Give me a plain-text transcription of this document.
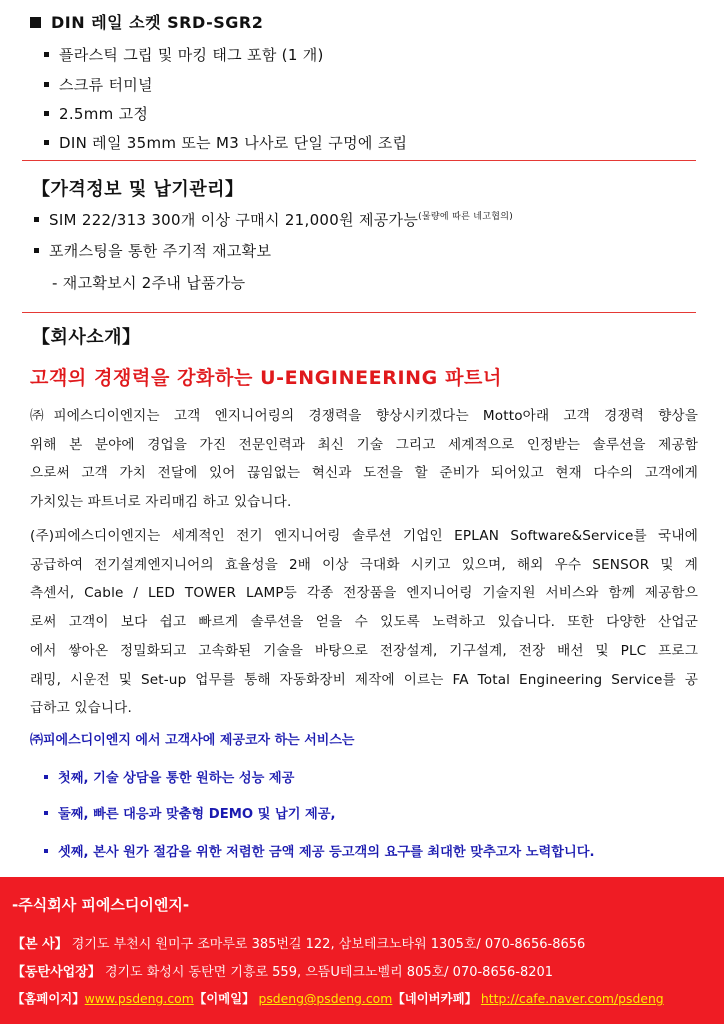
DIN 레일 소켓 SRD-SGR2
플라스틱 그립 및 마킹 태그 포함 (1 개)
스크류 터미널
2.5mm 고정
DIN 레일 35mm 또는 M3 나사로 단일 구멍에 조립
【가격정보 및 납기관리】
SIM 222/313 300개 이상 구매시 21,000원 제공가능$^{(물량에 따른 네고협의)}$
포캐스팅을 통한 주기적 재고확보
- 재고확보시 2주내 납품가능
【회사소개】
고객의 경쟁력을 강화하는 U-ENGINEERING 파트너
㈜피에스디이엔지는 고객 엔지니어링의 경쟁력을 향상시키겠다는 Motto아래 고객 경쟁력 향상을
위해 본 분야에 경업을 가진 전문인력과 최신 기술 그리고 세계적으로 인정받는 솔루션을 제공함
으로써 고객 가치 전달에 있어 끊임없는 혁신과 도전을 할 준비가 되어있고 현재 다수의 고객에게
가치있는 파트너로 자리매김 하고 있습니다.
(주)피에스디이엔지는 세계적인 전기 엔지니어링 솔루션 기업인 EPLAN Software&Service를 국내에
공급하여 전기설계엔지니어의 효율성을 2배 이상 극대화 시키고 있으며, 해외 우수 SENSOR 및 계
측센서, Cable / LED TOWER LAMP등 각종 전장품을 엔지니어링 기술지원 서비스와 함께 제공함으
로써 고객이 보다 쉽고 빠르게 솔루션을 얻을 수 있도록 노력하고 있습니다. 또한 다양한 산업군
에서 쌓아온 정밀화되고 고속화된 기술을 바탕으로 전장설계, 기구설계, 전장 배선 및 PLC 프로그
래밍, 시운전 및 Set-up 업무를 통해 자동화장비 제작에 이르는 FA Total Engineering Service를 공
급하고 있습니다.
㈜피에스디이엔지 에서 고객사에 제공코자 하는 서비스는
첫째, 기술 상담을 통한 원하는 성능 제공
둘째, 빠른 대응과 맞춤형 DEMO 및 납기 제공,
셋째, 본사 원가 절감을 위한 저렴한 금액 제공 등고객의 요구를 최대한 맞추고자 노력합니다.
-주식회사 피에스디이엔지-
【본 사】 경기도 부천시 원미구 조마루로 385번길 122, 삼보테크노타워 1305호/ 070-8656-8656
【동탄사업장】 경기도 화성시 동탄면 기흥로 559, 으뜸U테크노벨리 805호/ 070-8656-8201
【홈페이지】www.psdeng.com【이메일】 psdeng@psdeng.com【네이버카페】 http://cafe.naver.com/psdeng
